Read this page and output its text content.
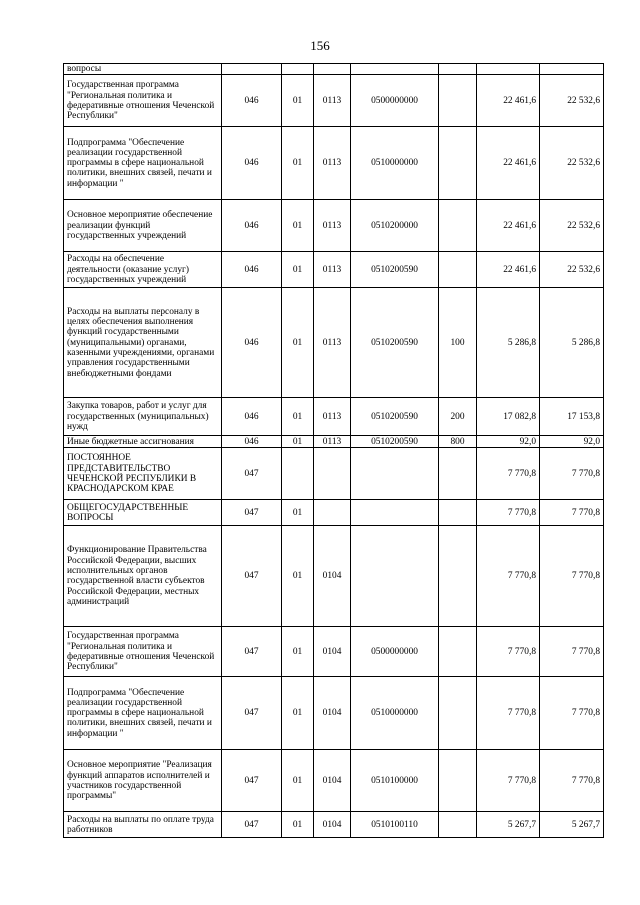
156
вопросы							
Государственная программа "Региональная политика и федеративные отношения Чеченской Республики"	046	01	0113	0500000000		22 461,6	22 532,6
Подпрограмма "Обеспечение реализации государственной программы в сфере национальной политики, внешних связей, печати и информации "	046	01	0113	0510000000		22 461,6	22 532,6
Основное мероприятие обеспечение реализации функций государственных учреждений	046	01	0113	0510200000		22 461,6	22 532,6
Расходы на обеспечение деятельности (оказание услуг) государственных учреждений	046	01	0113	0510200590		22 461,6	22 532,6
Расходы на выплаты персоналу в целях обеспечения выполнения функций государственными (муниципальными) органами, казенными учреждениями, органами управления государственными внебюджетными фондами	046	01	0113	0510200590	100	5 286,8	5 286,8
Закупка товаров, работ и услуг для государственных (муниципальных) нужд	046	01	0113	0510200590	200	17 082,8	17 153,8
Иные бюджетные ассигнования	046	01	0113	0510200590	800	92,0	92,0
ПОСТОЯННОЕ ПРЕДСТАВИТЕЛЬСТВО ЧЕЧЕНСКОЙ РЕСПУБЛИКИ В КРАСНОДАРСКОМ КРАЕ	047					7 770,8	7 770,8
ОБЩЕГОСУДАРСТВЕННЫЕ ВОПРОСЫ	047	01				7 770,8	7 770,8
Функционирование Правительства Российской Федерации, высших исполнительных органов государственной власти субъектов Российской Федерации, местных администраций	047	01	0104			7 770,8	7 770,8
Государственная программа "Региональная политика и федеративные отношения Чеченской Республики"	047	01	0104	0500000000		7 770,8	7 770,8
Подпрограмма "Обеспечение реализации государственной программы в сфере национальной политики, внешних связей, печати и информации "	047	01	0104	0510000000		7 770,8	7 770,8
Основное мероприятие "Реализация функций аппаратов исполнителей и участников государственной программы"	047	01	0104	0510100000		7 770,8	7 770,8
Расходы на выплаты по оплате труда работников	047	01	0104	0510100110		5 267,7	5 267,7
